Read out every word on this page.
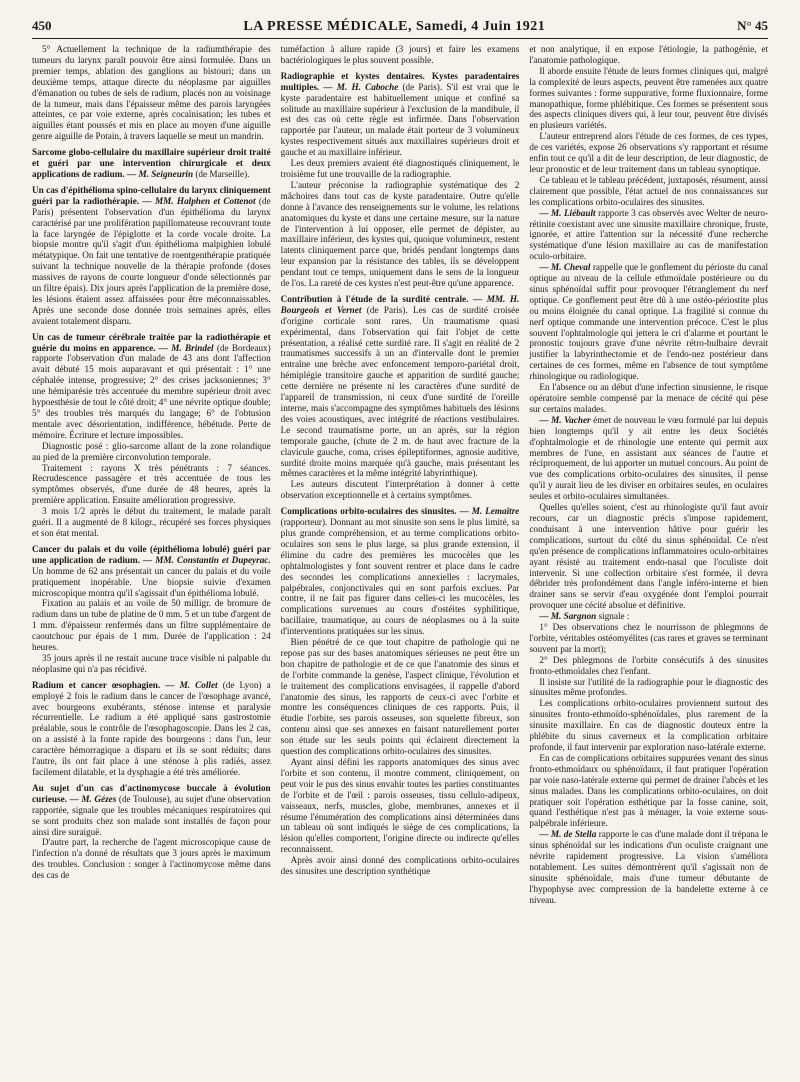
450	LA PRESSE MÉDICALE, Samedi, 4 Juin 1921	N° 45

5° Actuellement la technique de la radiumthérapie des tumeurs du larynx paraît pouvoir être ainsi formulée. Dans un premier temps, ablation des ganglions au bistouri; dans un deuxième temps, attaque directe du néoplasme par aiguilles d'émanation ou tubes de sels de radium, placés non au voisinage de la tumeur, mais dans l'épaisseur même des parois laryngées atteintes, ce par voie externe, après cocaïnisation; les tubes et aiguilles étant poussés et mis en place au moyen d'une aiguille genre aiguille de Potain, à travers laquelle se meut un mandrin.

Sarcome globo-cellulaire du maxillaire supérieur droit traité et guéri par une intervention chirurgicale et deux applications de radium. — M. Seigneurin (de Marseille).

Un cas d'épithélioma spino-cellulaire du larynx cliniquement guéri par la radiothérapie. — MM. Halphen et Cottenot (de Paris) présentent l'observation d'un épithélioma du larynx caractérisé par une prolifération papillomateuse recouvrant toute la face laryngée de l'épiglotte et la corde vocale droite. La biopsie montre qu'il s'agit d'un épithélioma malpighien lobulé métatypique. On fait une tentative de roentgenthérapie pratiquée suivant la technique nouvelle de la thérapie profonde (doses massives de rayons de courte longueur d'onde sélectionnés par un filtre épais). Dix jours après l'application de la première dose, les lésions étaient assez affaissées pour être méconnaissables. Après une seconde dose donnée trois semaines après, elles avaient totalement disparu.

Un cas de tumeur cérébrale traitée par la radiothérapie et guérie du moins en apparence. — M. Brindel (de Bordeaux) rapporte l'observation d'un malade de 43 ans dont l'affection avait débuté 15 mois auparavant et qui présentait : 1° une céphalée intense, progressive; 2° des crises jacksoniennes; 3° une hémiparésie très accentuée du membre supérieur droit avec hypoesthésie de tout le côté droit; 4° une névrite optique double; 5° des troubles très marqués du langage; 6° de l'obtusion mentale avec désorientation, indifférence, hébétude. Perte de mémoire. Écriture et lecture impossibles.

Diagnostic posé : glio-sarcome allant de la zone rolandique au pied de la première circonvolution temporale.

Traitement : rayons X très pénétrants : 7 séances. Recrudescence passagère et très accentuée de tous les symptômes observés, d'une durée de 48 heures, après la première application. Ensuite amélioration progressive.

3 mois 1/2 après le début du traitement, le malade paraît guéri. Il a augmenté de 8 kilogr., récupéré ses forces physiques et son état mental.

Cancer du palais et du voile (épithélioma lobulé) guéri par une application de radium. — MM. Constantin et Dupeyrac. Un homme de 62 ans présentait un cancer du palais et du voile pratiquement inopérable. Une biopsie suivie d'examen microscopique montra qu'il s'agissait d'un épithélioma lobulé.

Fixation au palais et au voile de 50 milligr. de bromure de radium dans un tube de platine de 0 mm. 5 et un tube d'argent de 1 mm. d'épaisseur renfermés dans un filtre supplémentaire de caoutchouc pur épais de 1 mm. Durée de l'application : 24 heures.

35 jours après il ne restait aucune trace visible ni palpable du néoplasme qui n'a pas récidivé.

Radium et cancer œsophagien. — M. Collet (de Lyon) a employé 2 fois le radium dans le cancer de l'œsophage avancé, avec bourgeons exubérants, sténose intense et paralysie récurrentielle. Le radium a été appliqué sans gastrostomie préalable, sous le contrôle de l'œsophagoscopie. Dans les 2 cas, on a assisté à la fonte rapide des bourgeons : dans l'un, leur caractère hémorragique a disparu et ils se sont réduits; dans l'autre, ils ont fait place à une sténose à plis radiés, assez facilement dilatable, et la dysphagie a été très améliorée.

Au sujet d'un cas d'actinomycose buccale à évolution curieuse. — M. Gézes (de Toulouse), au sujet d'une observation rapportée, signale que les troubles mécaniques respiratoires qui se sont produits chez son malade sont installés de façon pour ainsi dire suraiguë.

D'autre part, la recherche de l'agent microscopique cause de l'infection n'a donné de résultats que 3 jours après le maximum des troubles. Conclusion : songer à l'actinomycose même dans des cas de

tuméfaction à allure rapide (3 jours) et faire les examens bactériologiques le plus souvent possible.

Radiographie et kystes dentaires. Kystes paradentaires multiples. — M. H. Caboche (de Paris). S'il est vrai que le kyste paradentaire est habituellement unique et confiné sa solitude au maxillaire supérieur à l'exclusion de la mandibule, il est des cas où cette règle est infirmée. Dans l'observation rapportée par l'auteur, un malade était porteur de 3 volumineux kystes respectivement situés aux maxillaires supérieurs droit et gauche et au maxillaire inférieur.

Les deux premiers avaient été diagnostiqués cliniquement, le troisième fut une trouvaille de la radiographie.

L'auteur préconise la radiographie systématique des 2 mâchoires dans tout cas de kyste paradentaire. Outre qu'elle donne à l'avance des renseignements sur le volume, les relations anatomiques du kyste et dans une certaine mesure, sur la nature de l'intervention à lui opposer, elle permet de dépister, au maxillaire inférieur, des kystes qui, quoique volumineux, restent latents cliniquement parce que, bridés pendant longtemps dans leur expansion par la résistance des tables, ils se développent pendant tout ce temps, uniquement dans le sens de la longueur de l'os. La rareté de ces kystes n'est peut-être qu'une apparence.

Contribution à l'étude de la surdité centrale. — MM. H. Bourgeois et Vernet (de Paris). Les cas de surdité croisée d'origine corticale sont rares. Un traumatisme quasi expérimental, dans l'observation qui fait l'objet de cette présentation, a réalisé cette surdité rare. Il s'agit en réalité de 2 traumatismes successifs à un an d'intervalle dont le premier entraîne une brèche avec enfoncement temporo-pariétal droit, hémiplégie transitoire gauche et apparition de surdité gauche; cette dernière ne présente ni les caractères d'une surdité de l'appareil de transmission, ni ceux d'une surdité de l'oreille interne, mais s'accompagne des symptômes habituels des lésions des voies acoustiques, avec intégrité de réactions vestibulaires. Le second traumatisme porte, un an après, sur la région temporale gauche, (chute de 2 m. de haut avec fracture de la clavicule gauche, coma, crises épileptiformes, agnosie auditive, surdité droite moins marquée qu'à gauche, mais présentant les mêmes caractères et la même intégrité labyrinthique).

Les auteurs discutent l'interprétation à donner à cette observation exceptionnelle et à certains symptômes.

Complications orbito-oculaires des sinusites. — M. Lemaître (rapporteur). Donnant au mot sinusite son sens le plus limité, sa plus grande compréhension, et au terme complications orbito-oculaires son sens le plus large, sa plus grande extension, il élimine du cadre des premières les mucocèles que les ophtalmologistes y font souvent rentrer et place dans le cadre des secondes les complications annexielles : lacrymales, palpébrales, conjonctivales qui en sont parfois exclues. Par contre, il ne fait pas figurer dans celles-ci les mucocèles, les complications survenues au cours d'ostéites syphilitique, bacillaire, traumatique, au cours de néoplasmes ou à la suite d'interventions pratiquées sur les sinus.

Bien pénétré de ce que tout chapitre de pathologie qui ne repose pas sur des bases anatomiques sérieuses ne peut être un bon chapitre de pathologie et de ce que l'anatomie des sinus et de l'orbite commande la genèse, l'aspect clinique, l'évolution et le traitement des complications envisagées, il rappelle d'abord l'anatomie des sinus, les rapports de ceux-ci avec l'orbite et montre les conséquences cliniques de ces rapports. Puis, il étudie l'orbite, ses parois osseuses, son squelette fibreux, son contenu ainsi que ses annexes en faisant naturellement porter son étude sur les seuls points qui éclairent directement la question des complications orbito-oculaires des sinusites.

Ayant ainsi défini les rapports anatomiques des sinus avec l'orbite et son contenu, il montre comment, cliniquement, on peut voir le pus des sinus envahir toutes les parties constituantes de l'orbite et de l'œil : parois osseuses, tissu cellulo-adipeux, vaisseaux, nerfs, muscles, globe, membranes, annexes et il résume l'énumération des complications ainsi déterminées dans un tableau où sont indiqués le siège de ces complications, la lésion qu'elles comportent, l'origine directe ou indirecte qu'elles reconnaissent.

Après avoir ainsi donné des complications orbito-oculaires des sinusites une description synthétique

et non analytique, il en expose l'étiologie, la pathogénie, et l'anatomie pathologique.

Il aborde ensuite l'étude de leurs formes cliniques qui, malgré la complexité de leurs aspects, peuvent être ramenées aux quatre formes suivantes : forme suppurative, forme fluxionnaire, forme manopathique, forme phlébitique. Ces formes se présentent sous des aspects cliniques divers qui, à leur tour, peuvent être divisés en plusieurs variétés.

L'auteur entreprend alors l'étude de ces formes, de ces types, de ces variétés, expose 26 observations s'y rapportant et résume enfin tout ce qu'il a dit de leur description, de leur diagnostic, de leur pronostic et de leur traitement dans un tableau synoptique.

Ce tableau et le tableau précédent, juxtaposés, résument, aussi clairement que possible, l'état actuel de nos connaissances sur les complications orbito-oculaires des sinusites.

— M. Liébault rapporte 3 cas observés avec Welter de neuro-rétinite coexistant avec une sinusite maxillaire chronique, fruste, ignorée, et attire l'attention sur la nécessité d'une recherche systématique d'une lésion maxillaire au cas de manifestation oculo-orbitaire.

— M. Cheval rappelle que le gonflement du périoste du canal optique au niveau de la cellule ethmoïdale postérieure ou du sinus sphénoïdal suffit pour provoquer l'étranglement du nerf optique. Ce gonflement peut être dû à une ostéo-périostite plus ou moins éloignée du canal optique. La fragilité si connue du nerf optique commande une intervention précoce. C'est le plus souvent l'ophtalmologie qui jettera le cri d'alarme et pourtant le pronostic toujours grave d'une névrite rétro-bulbaire devrait justifier la labyrinthectomie et de l'endo-nez postérieur dans certaines de ces formes, même en l'absence de tout symptôme rhinologique ou radiologique.

En l'absence ou au début d'une infection sinusienne, le risque opératoire semble compensé par la menace de cécité qui pèse sur certains malades.

— M. Vacher émet de nouveau le vœu formulé par lui depuis bien longtemps qu'il y ait entre les deux Sociétés d'ophtalmologie et de rhinologie une entente qui permit aux membres de l'une, en assistant aux séances de l'autre et réciproquement, de lui apporter un mutuel concours. Au point de vue des complications orbito-oculaires des sinusites, il pense qu'il y aurait lieu de les diviser en orbitaires seules, en oculaires seules et orbito-oculaires simultanées.

Quelles qu'elles soient, c'est au rhinologiste qu'il faut avoir recours, car un diagnostic précis s'impose rapidement, conduisant à une intervention hâtive pour guérir les complications, surtout du côté du sinus sphénoïdal. Ce n'est qu'en présence de complications inflammatoires oculo-orbitaires ayant résisté au traitement endo-nasal que l'oculiste doit intervenir. Si une collection orbitaire s'est formée, il devra débrider très profondément dans l'angle inféro-interne et bien drainer sans se servir d'eau oxygénée dont l'emploi pourrait provoquer une cécité absolue et définitive.

— M. Sargnon signale :

1° Des observations chez le nourrisson de phlegmons de l'orbite, véritables ostéomyélites (cas rares et graves se terminant souvent par la mort);

2° Des phlegmons de l'orbite consécutifs à des sinusites fronto-ethmoïdales chez l'enfant.

Il insiste sur l'utilité de la radiographie pour le diagnostic des sinusites même profondes.

Les complications orbito-oculaires proviennent surtout des sinusites fronto-ethmoïdo-sphénoïdales, plus rarement de la sinusite maxillaire. En cas de diagnostic douteux entre la phlébite du sinus caverneux et la complication orbitaire profonde, il faut intervenir par exploration naso-latérale externe.

En cas de complications orbitaires suppurées venant des sinus fronto-ethmoïdaux ou sphénoïdaux, il faut pratiquer l'opération par voie naso-latérale externe qui permet de drainer l'abcès et les sinus malades. Dans les complications orbito-oculaires, on doit pratiquer soit l'opération esthétique par la fosse canine, soit, quand l'esthétique n'est pas à ménager, la voie externe sous-palpébrale inférieure.

— M. de Stella rapporte le cas d'une malade dont il trépana le sinus sphénoïdal sur les indications d'un oculiste craignant une névrite rapidement progressive. La vision s'améliora notablement. Les suites démontrèrent qu'il s'agissait non de sinusite sphénoïdale, mais d'une tumeur débutante de l'hypophyse avec compression de la bandelette externe à ce niveau.
